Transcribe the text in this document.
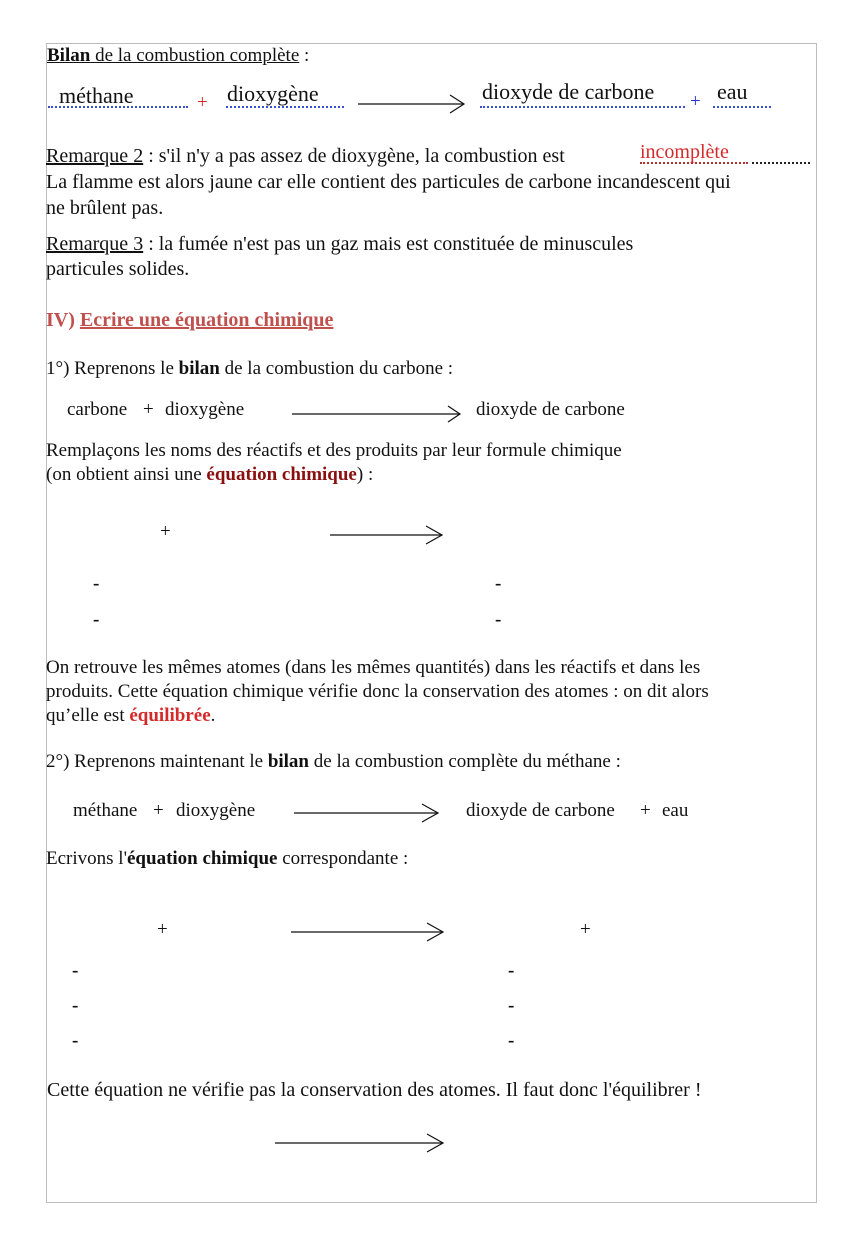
Bilan de la combustion complète :
méthane	+ dioxygène	dioxyde de carbone + eau
Remarque 2 : s'il n'y a pas assez de dioxygène, la combustion est	incomplète
La flamme est alors jaune car elle contient des particules de carbone incandescent qui
ne brûlent pas.
Remarque 3 : la fumée n'est pas un gaz mais est constituée de minuscules
particules solides.
IV) Ecrire une équation chimique
1°) Reprenons le bilan de la combustion du carbone :
carbone + dioxygène	dioxyde de carbone
Remplaçons les noms des réactifs et des produits par leur formule chimique
(on obtient ainsi une équation chimique) :
+
-
-
-
-
On retrouve les mêmes atomes (dans les mêmes quantités) dans les réactifs et dans les
produits. Cette équation chimique vérifie donc la conservation des atomes : on dit alors
qu’elle est équilibrée.
2°) Reprenons maintenant le bilan de la combustion complète du méthane :
méthane + dioxygène	dioxyde de carbone + eau
Ecrivons l'équation chimique correspondante :
+	+
-
-
-
-
-
-
Cette équation ne vérifie pas la conservation des atomes. Il faut donc l'équilibrer !
